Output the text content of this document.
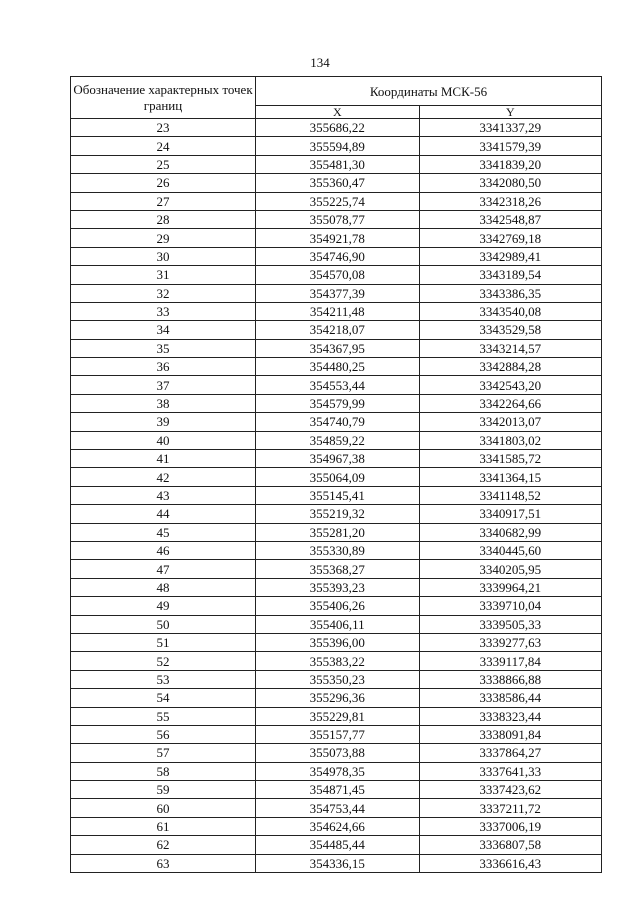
134
Обозначение характерных точек границ	Координаты МСК-56	
	X	Y
23	355686,22	3341337,29
24	355594,89	3341579,39
25	355481,30	3341839,20
26	355360,47	3342080,50
27	355225,74	3342318,26
28	355078,77	3342548,87
29	354921,78	3342769,18
30	354746,90	3342989,41
31	354570,08	3343189,54
32	354377,39	3343386,35
33	354211,48	3343540,08
34	354218,07	3343529,58
35	354367,95	3343214,57
36	354480,25	3342884,28
37	354553,44	3342543,20
38	354579,99	3342264,66
39	354740,79	3342013,07
40	354859,22	3341803,02
41	354967,38	3341585,72
42	355064,09	3341364,15
43	355145,41	3341148,52
44	355219,32	3340917,51
45	355281,20	3340682,99
46	355330,89	3340445,60
47	355368,27	3340205,95
48	355393,23	3339964,21
49	355406,26	3339710,04
50	355406,11	3339505,33
51	355396,00	3339277,63
52	355383,22	3339117,84
53	355350,23	3338866,88
54	355296,36	3338586,44
55	355229,81	3338323,44
56	355157,77	3338091,84
57	355073,88	3337864,27
58	354978,35	3337641,33
59	354871,45	3337423,62
60	354753,44	3337211,72
61	354624,66	3337006,19
62	354485,44	3336807,58
63	354336,15	3336616,43
